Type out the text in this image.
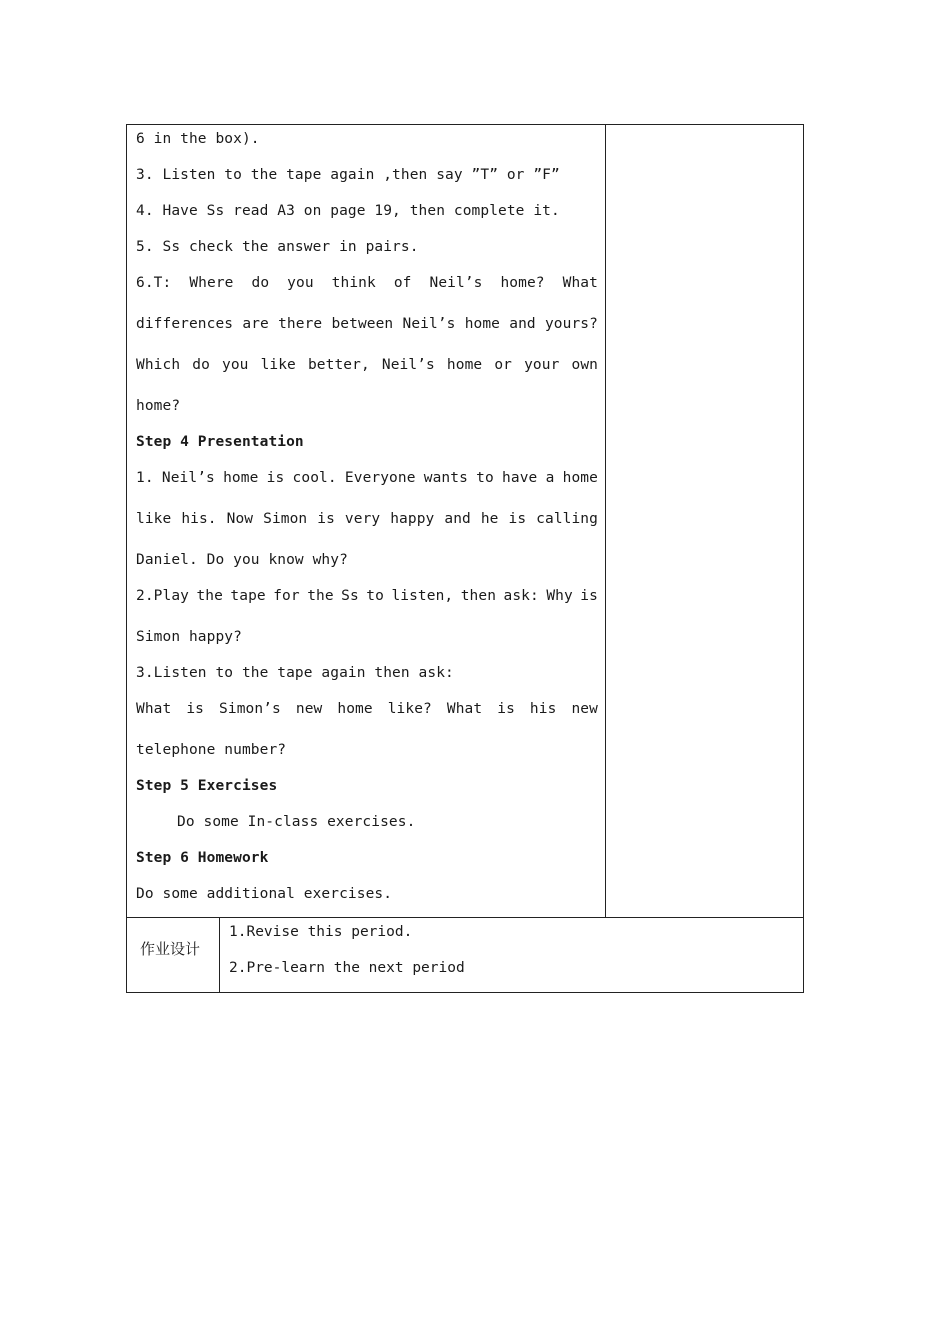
6 in the box).
3. Listen to the tape again ,then say ”T” or ”F”
4. Have Ss read A3 on page 19, then complete it.
5. Ss check the answer in pairs.
6.T: Where do you think of Neil’s home? What
differences are there between Neil’s home and yours?
Which do you like better, Neil’s home or your own
home?
Step 4 Presentation
1. Neil’s home is cool. Everyone wants to have a home
like his. Now Simon is very happy and he is calling
Daniel. Do you know why?
2.Play the tape for the Ss to listen, then ask: Why is
Simon happy?
3.Listen to the tape again then ask:
What is Simon’s new home like? What is his new
telephone number?
Step 5 Exercises
Do some In-class exercises.
Step 6 Homework
Do some additional exercises.
作业设计
1.Revise this period.
2.Pre-learn the next period
